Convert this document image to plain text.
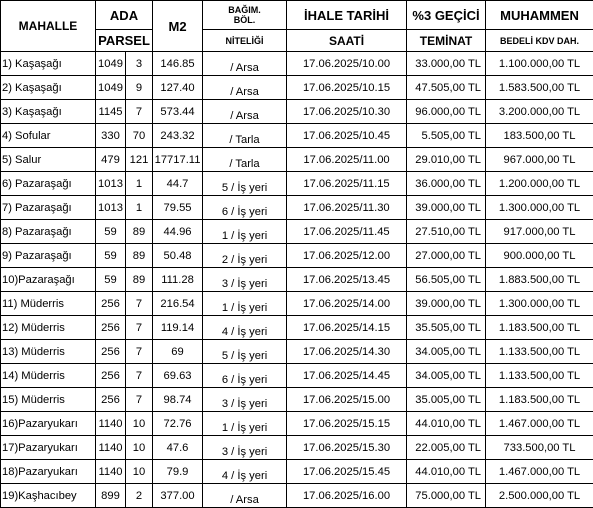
MAHALLE	ADA		M2	BAĞIM.
BÖL.	İHALE TARİHİ	%3 GEÇİCİ	MUHAMMEN
	PARSEL			NİTELİĞİ	SAATİ	TEMİNAT	BEDELİ KDV DAH.
1) Kaşaşağı	1049	3	146.85	/ Arsa	17.06.2025/10.00	33.000,00 TL	1.100.000,00 TL
2) Kaşaşağı	1049	9	127.40	/ Arsa	17.06.2025/10.15	47.505,00 TL	1.583.500,00 TL
3) Kaşaşağı	1145	7	573.44	/ Arsa	17.06.2025/10.30	96.000,00 TL	3.200.000,00 TL
4) Sofular	330	70	243.32	/ Tarla	17.06.2025/10.45	5.505,00 TL	183.500,00 TL
5) Salur	479	121	17717.11	/ Tarla	17.06.2025/11.00	29.010,00 TL	967.000,00 TL
6) Pazaraşağı	1013	1	44.7	5 / İş yeri	17.06.2025/11.15	36.000,00 TL	1.200.000,00 TL
7) Pazaraşağı	1013	1	79.55	6 / İş yeri	17.06.2025/11.30	39.000,00 TL	1.300.000,00 TL
8) Pazaraşağı	59	89	44.96	1 / İş yeri	17.06.2025/11.45	27.510,00 TL	917.000,00 TL
9) Pazaraşağı	59	89	50.48	2 / İş yeri	17.06.2025/12.00	27.000,00 TL	900.000,00 TL
10)Pazaraşağı	59	89	111.28	3 / İş yeri	17.06.2025/13.45	56.505,00 TL	1.883.500,00 TL
11) Müderris	256	7	216.54	1 / İş yeri	17.06.2025/14.00	39.000,00 TL	1.300.000,00 TL
12) Müderris	256	7	119.14	4 / İş yeri	17.06.2025/14.15	35.505,00 TL	1.183.500,00 TL
13) Müderris	256	7	69	5 / İş yeri	17.06.2025/14.30	34.005,00 TL	1.133.500,00 TL
14) Müderris	256	7	69.63	6 / İş yeri	17.06.2025/14.45	34.005,00 TL	1.133.500,00 TL
15) Müderris	256	7	98.74	3 / İş yeri	17.06.2025/15.00	35.005,00 TL	1.183.500,00 TL
16)Pazaryukarı	1140	10	72.76	1 / İş yeri	17.06.2025/15.15	44.010,00 TL	1.467.000,00 TL
17)Pazaryukarı	1140	10	47.6	3 / İş yeri	17.06.2025/15.30	22.005,00 TL	733.500,00 TL
18)Pazaryukarı	1140	10	79.9	4 / İş yeri	17.06.2025/15.45	44.010,00 TL	1.467.000,00 TL
19)Kaşhacıbey	899	2	377.00	/ Arsa	17.06.2025/16.00	75.000,00 TL	2.500.000,00 TL
